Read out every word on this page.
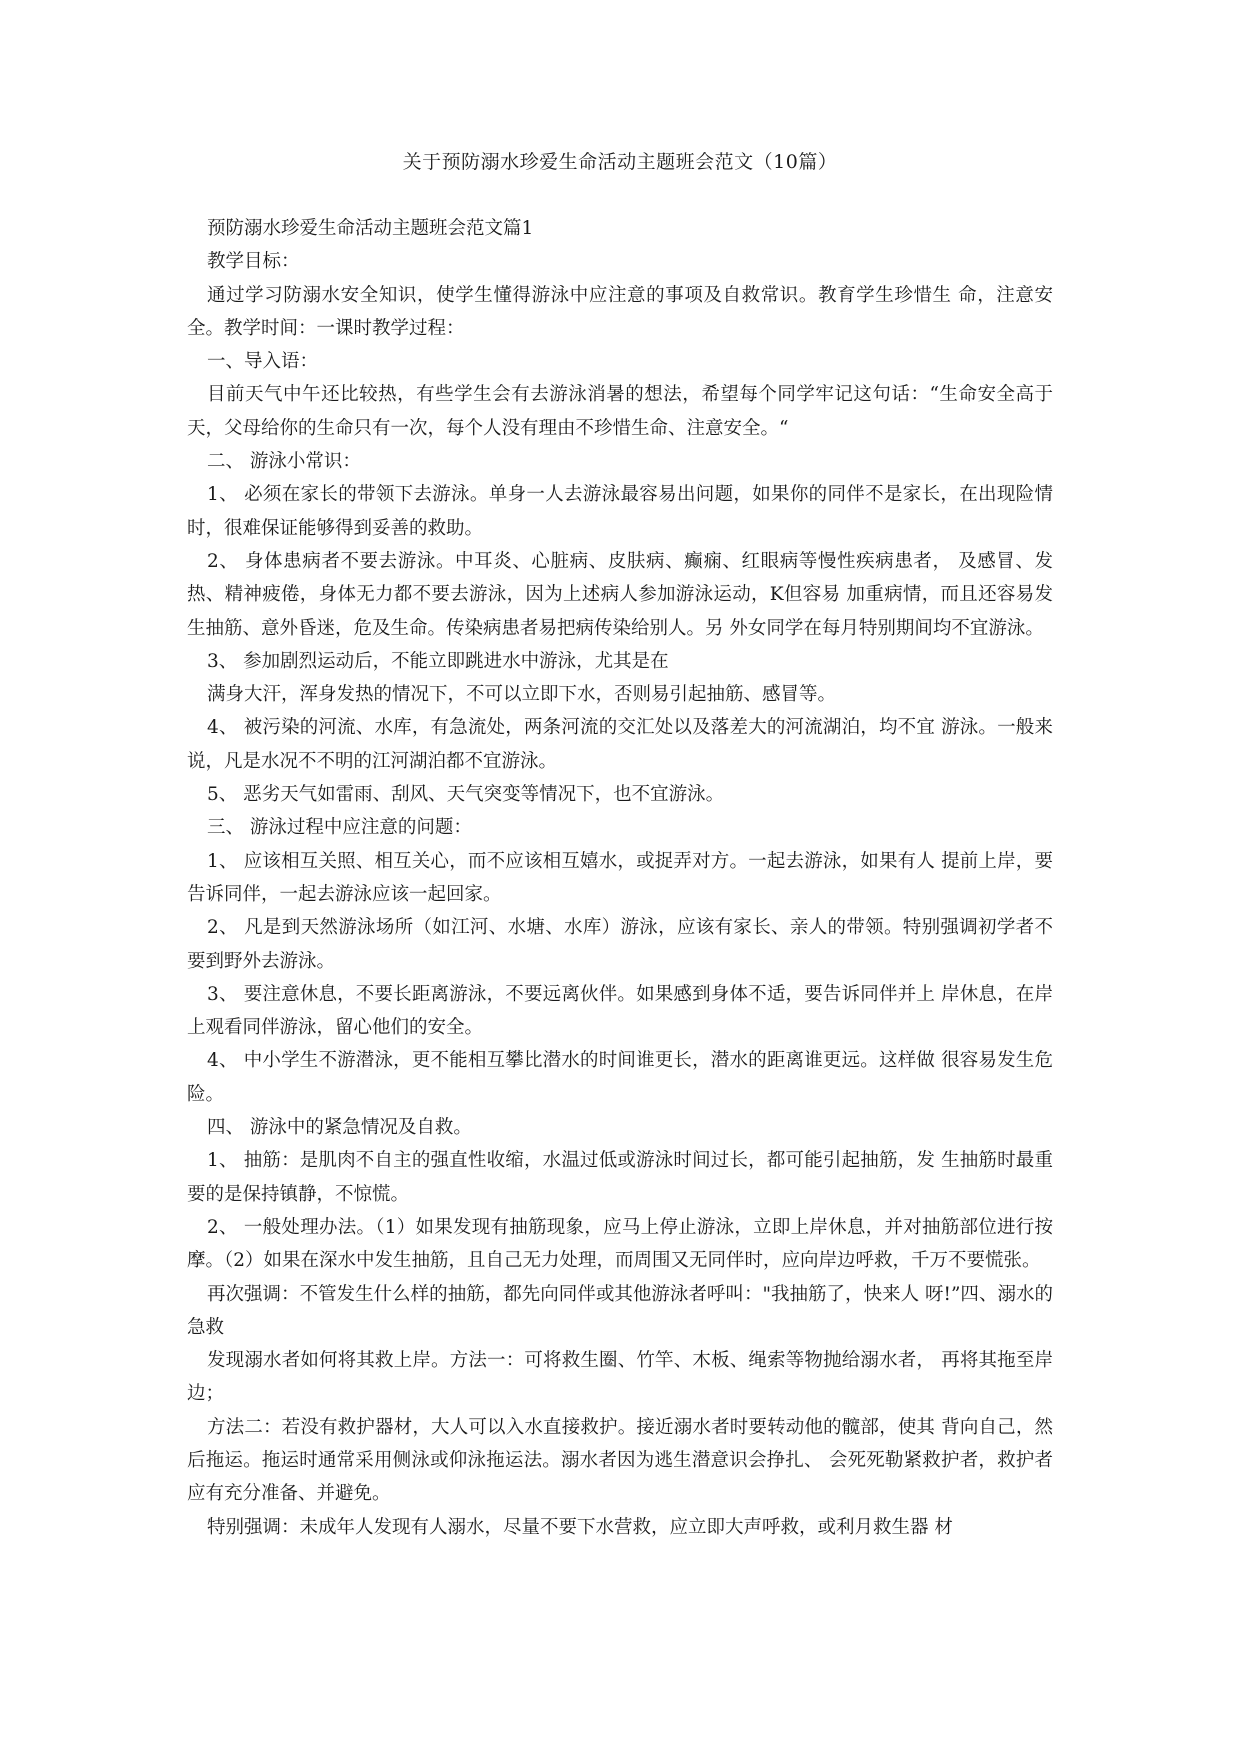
关于预防溺水珍爱生命活动主题班会范文（10篇）

预防溺水珍爱生命活动主题班会范文篇1

教学目标：

通过学习防溺水安全知识，使学生懂得游泳中应注意的事项及自救常识。教育学生珍惜生 命，注意安全。教学时间：一课时教学过程：

一、导入语：

目前天气中午还比较热，有些学生会有去游泳消暑的想法，希望每个同学牢记这句话：“生命安全高于天，父母给你的生命只有一次，每个人没有理由不珍惜生命、注意安全。“

二、 游泳小常识：

1、 必须在家长的带领下去游泳。单身一人去游泳最容易出问题，如果你的同伴不是家长，在出现险情时，很难保证能够得到妥善的救助。

2、 身体患病者不要去游泳。中耳炎、心脏病、皮肤病、癫痫、红眼病等慢性疾病患者， 及感冒、发热、精神疲倦，身体无力都不要去游泳，因为上述病人参加游泳运动，K但容易 加重病情，而且还容易发生抽筋、意外昏迷，危及生命。传染病患者易把病传染给别人。另 外女同学在每月特别期间均不宜游泳。

3、 参加剧烈运动后，不能立即跳进水中游泳，尤其是在

满身大汗，浑身发热的情况下，不可以立即下水，否则易引起抽筋、感冒等。

4、 被污染的河流、水库，有急流处，两条河流的交汇处以及落差大的河流湖泊，均不宜 游泳。一般来说，凡是水况不不明的江河湖泊都不宜游泳。

5、 恶劣天气如雷雨、刮风、天气突变等情况下，也不宜游泳。

三、 游泳过程中应注意的问题：

1、 应该相互关照、相互关心，而不应该相互嬉水，或捉弄对方。一起去游泳，如果有人 提前上岸，要告诉同伴，一起去游泳应该一起回家。

2、 凡是到天然游泳场所（如江河、水塘、水库）游泳，应该有家长、亲人的带领。特别强调初学者不要到野外去游泳。

3、 要注意休息，不要长距离游泳，不要远离伙伴。如果感到身体不适，要告诉同伴并上 岸休息，在岸上观看同伴游泳，留心他们的安全。

4、 中小学生不游潜泳，更不能相互攀比潜水的时间谁更长，潜水的距离谁更远。这样做 很容易发生危险。

四、 游泳中的紧急情况及自救。

1、 抽筋：是肌肉不自主的强直性收缩，水温过低或游泳时间过长，都可能引起抽筋，发 生抽筋时最重要的是保持镇静，不惊慌。

2、 一般处理办法。（1）如果发现有抽筋现象，应马上停止游泳，立即上岸休息，并对抽筋部位进行按摩。（2）如果在深水中发生抽筋，且自己无力处理，而周围又无同伴时，应向岸边呼救，千万不要慌张。

再次强调：不管发生什么样的抽筋，都先向同伴或其他游泳者呼叫："我抽筋了，快来人 呀!”四、溺水的急救

发现溺水者如何将其救上岸。方法一：可将救生圈、竹竿、木板、绳索等物抛给溺水者， 再将其拖至岸边；

方法二：若没有救护器材，大人可以入水直接救护。接近溺水者时要转动他的髋部，使其 背向自己，然后拖运。拖运时通常采用侧泳或仰泳拖运法。溺水者因为逃生潜意识会挣扎、 会死死勒紧救护者，救护者应有充分准备、并避免。

特别强调：未成年人发现有人溺水，尽量不要下水营救，应立即大声呼救，或利月救生器 材
